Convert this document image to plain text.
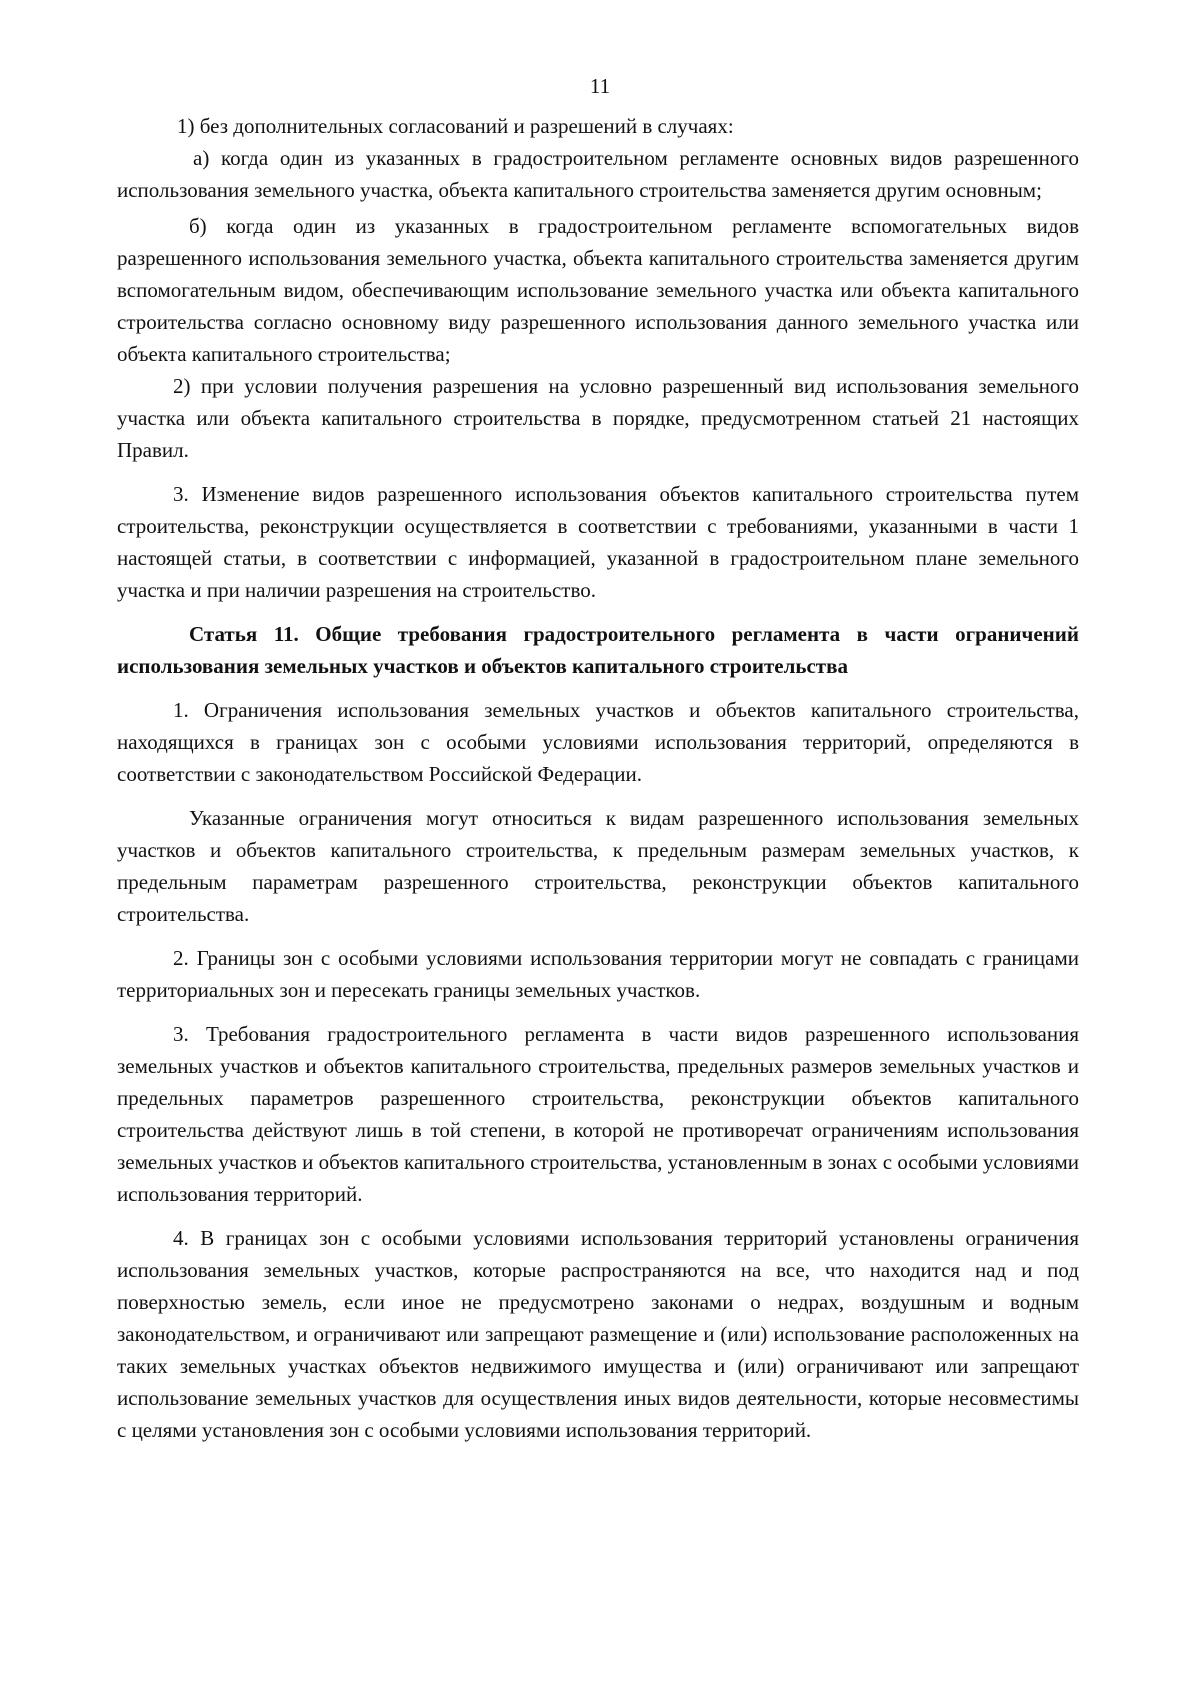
11

1) без дополнительных согласований и разрешений в случаях:

а) когда один из указанных в градостроительном регламенте основных видов разрешенного использования земельного участка, объекта капитального строительства заменяется другим основным;

б) когда один из указанных в градостроительном регламенте вспомогательных видов разрешенного использования земельного участка, объекта капитального строительства заменяется другим вспомогательным видом, обеспечивающим использование земельного участка или объекта капитального строительства согласно основному виду разрешенного использования данного земельного участка или объекта капитального строительства;

2) при условии получения разрешения на условно разрешенный вид использования земельного участка или объекта капитального строительства в порядке, предусмотренном статьей 21 настоящих Правил.

3. Изменение видов разрешенного использования объектов капитального строительства путем строительства, реконструкции осуществляется в соответствии с требованиями, указанными в части 1 настоящей статьи, в соответствии с информацией, указанной в градостроительном плане земельного участка и при наличии разрешения на строительство.

Статья 11. Общие требования градостроительного регламента в части ограничений использования земельных участков и объектов капитального строительства

1. Ограничения использования земельных участков и объектов капитального строительства, находящихся в границах зон с особыми условиями использования территорий, определяются в соответствии с законодательством Российской Федерации.

Указанные ограничения могут относиться к видам разрешенного использования земельных участков и объектов капитального строительства, к предельным размерам земельных участков, к предельным параметрам разрешенного строительства, реконструкции объектов капитального строительства.

2. Границы зон с особыми условиями использования территории могут не совпадать с границами территориальных зон и пересекать границы земельных участков.

3. Требования градостроительного регламента в части видов разрешенного использования земельных участков и объектов капитального строительства, предельных размеров земельных участков и предельных параметров разрешенного строительства, реконструкции объектов капитального строительства действуют лишь в той степени, в которой не противоречат ограничениям использования земельных участков и объектов капитального строительства, установленным в зонах с особыми условиями использования территорий.

4. В границах зон с особыми условиями использования территорий установлены ограничения использования земельных участков, которые распространяются на все, что находится над и под поверхностью земель, если иное не предусмотрено законами о недрах, воздушным и водным законодательством, и ограничивают или запрещают размещение и (или) использование расположенных на таких земельных участках объектов недвижимого имущества и (или) ограничивают или запрещают использование земельных участков для осуществления иных видов деятельности, которые несовместимы с целями установления зон с особыми условиями использования территорий.
